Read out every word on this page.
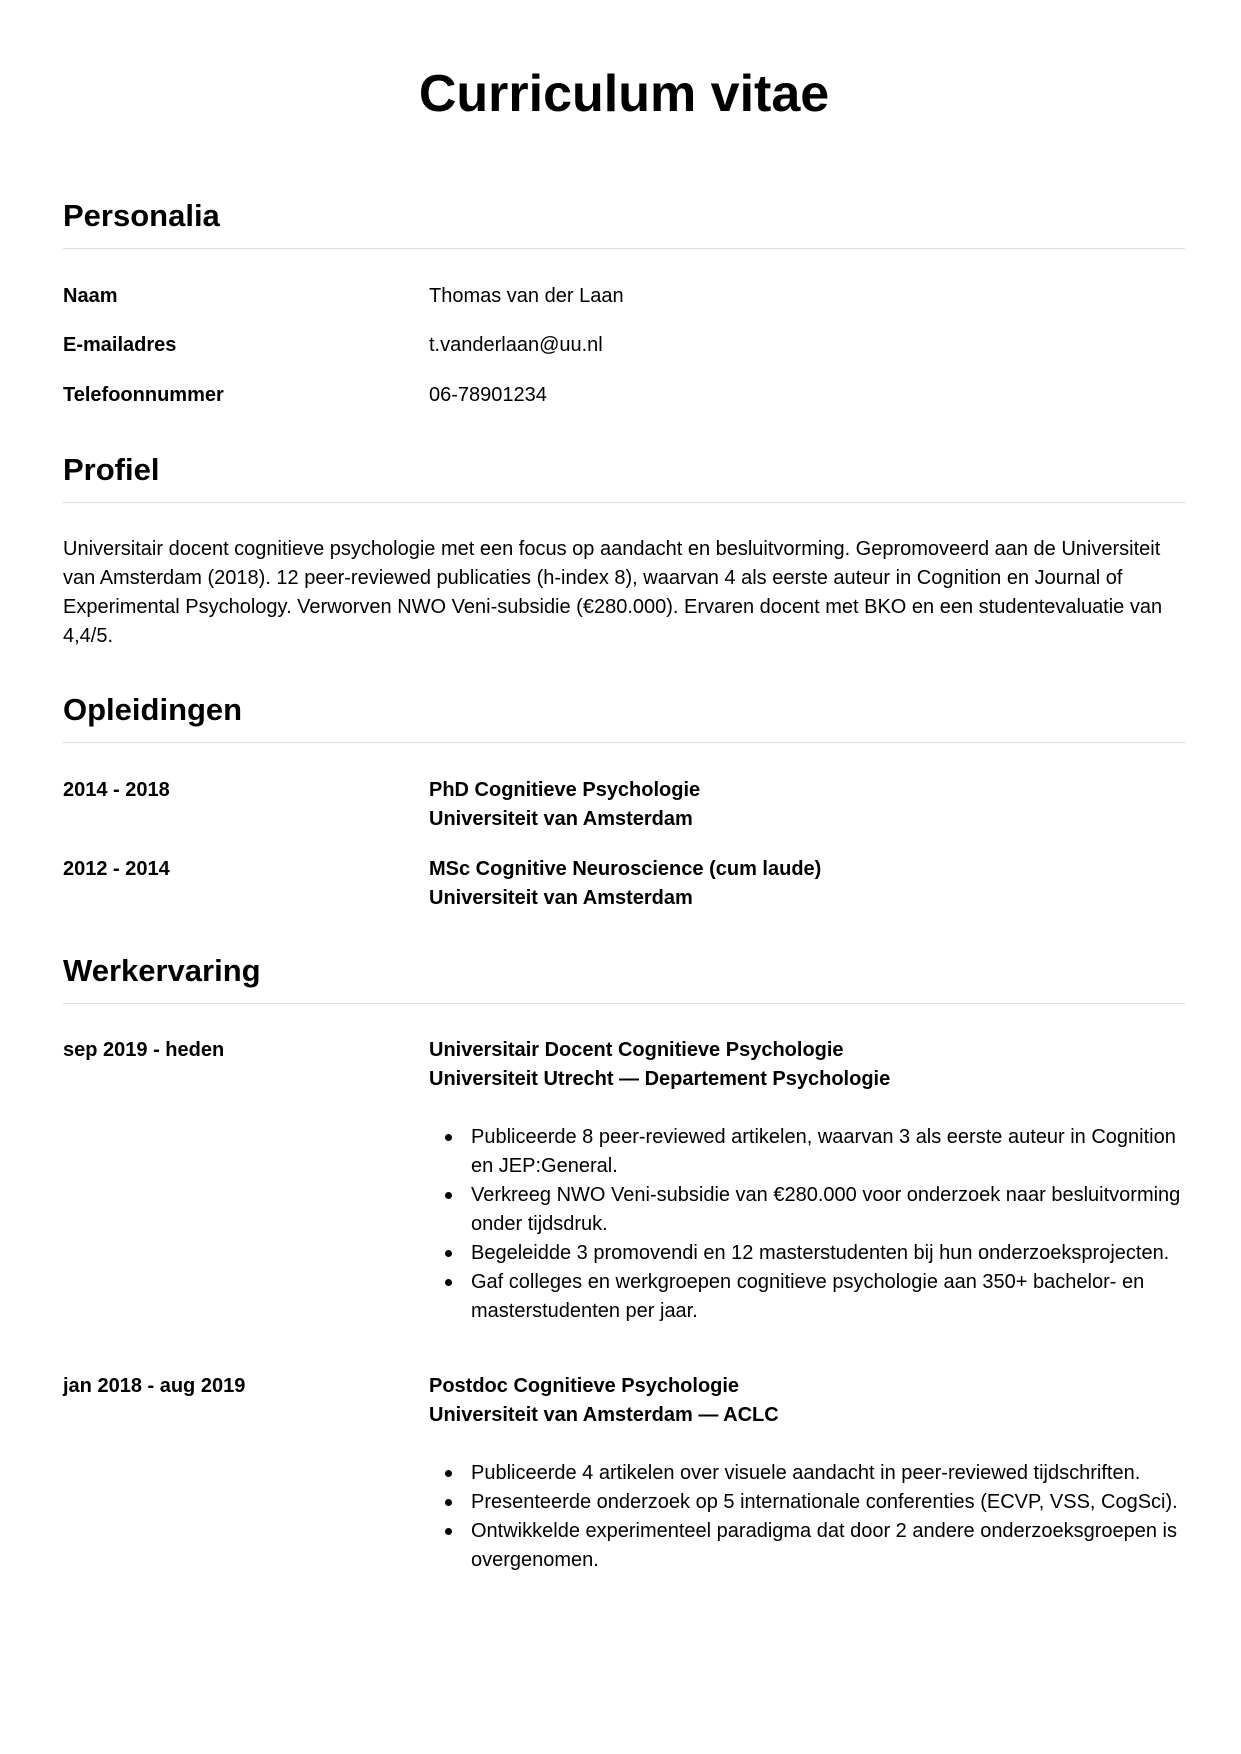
Curriculum vitae
Personalia
Naam	Thomas van der Laan
E-mailadres	t.vanderlaan@uu.nl
Telefoonnummer	06-78901234
Profiel

Universitair docent cognitieve psychologie met een focus op aandacht en besluitvorming. Gepromoveerd aan de Universiteit van Amsterdam (2018). 12 peer-reviewed publicaties (h-index 8), waarvan 4 als eerste auteur in Cognition en Journal of Experimental Psychology. Verworven NWO Veni-subsidie (€280.000). Ervaren docent met BKO en een studentevaluatie van 4,4/5.

Opleidingen
2014 - 2018	PhD Cognitieve Psychologie
Universiteit van Amsterdam
2012 - 2014	MSc Cognitive Neuroscience (cum laude)
Universiteit van Amsterdam
Werkervaring
sep 2019 - heden	Universitair Docent Cognitieve Psychologie
Universiteit Utrecht — Departement Psychologie
Publiceerde 8 peer-reviewed artikelen, waarvan 3 als eerste auteur in Cognition en JEP:General.
Verkreeg NWO Veni-subsidie van €280.000 voor onderzoek naar besluitvorming onder tijdsdruk.
Begeleidde 3 promovendi en 12 masterstudenten bij hun onderzoeksprojecten.
Gaf colleges en werkgroepen cognitieve psychologie aan 350+ bachelor- en masterstudenten per jaar.
jan 2018 - aug 2019	Postdoc Cognitieve Psychologie
Universiteit van Amsterdam — ACLC
Publiceerde 4 artikelen over visuele aandacht in peer-reviewed tijdschriften.
Presenteerde onderzoek op 5 internationale conferenties (ECVP, VSS, CogSci).
Ontwikkelde experimenteel paradigma dat door 2 andere onderzoeksgroepen is overgenomen.
